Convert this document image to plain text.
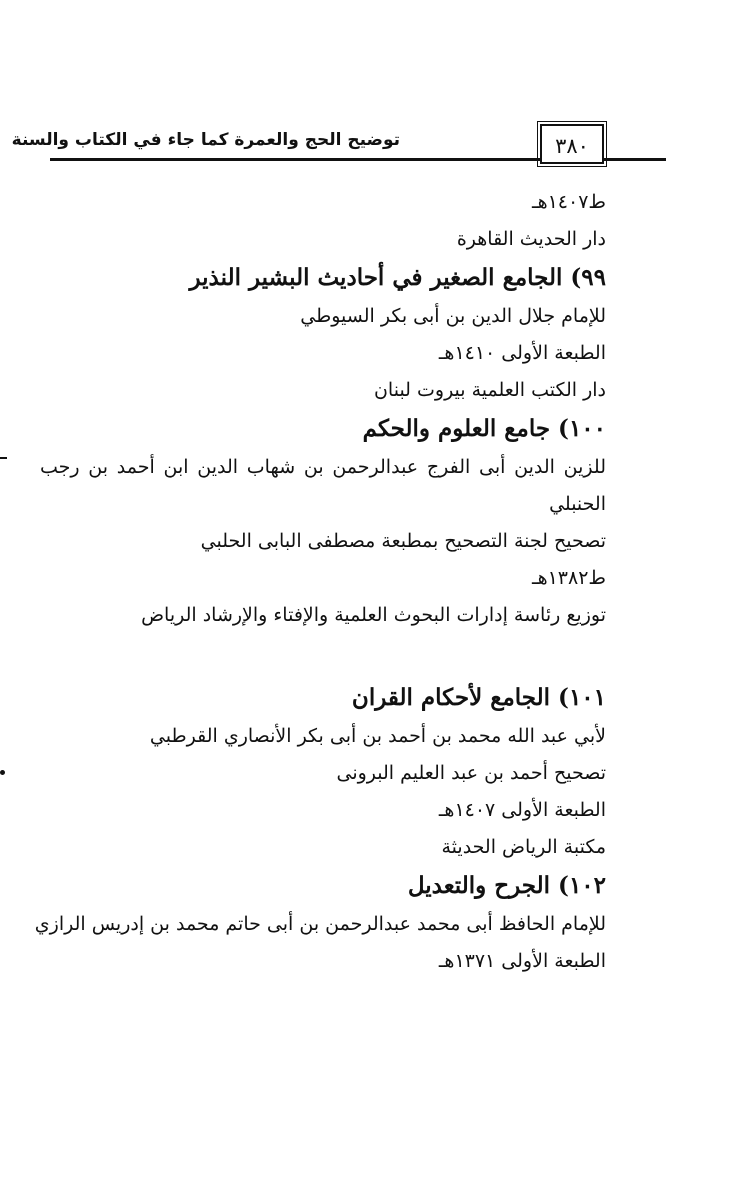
توضيح الحج والعمرة كما جاء في الكتاب والسنة	٣٨٠
ط١٤٠٧هـ
دار الحديث القاهرة
٩٩) الجامع الصغير في أحاديث البشير النذير
للإمام جلال الدين بن أبى بكر السيوطي
الطبعة الأولى ١٤١٠هـ
دار الكتب العلمية بيروت لبنان
١٠٠) جامع العلوم والحكم
للزين الدين أبى الفرج عبدالرحمن بن شهاب الدين ابن أحمد بن رجب
الحنبلي
تصحيح لجنة التصحيح بمطبعة مصطفى البابى الحلبي
ط١٣٨٢هـ
توزيع رئاسة إدارات البحوث العلمية والإفتاء والإرشاد الرياض
١٠١) الجامع لأحكام القران
لأبي عبد الله محمد بن أحمد بن أبى بكر الأنصاري القرطبي
تصحيح أحمد بن عبد العليم البرونى
الطبعة الأولى ١٤٠٧هـ
مكتبة الرياض الحديثة
١٠٢) الجرح والتعديل
للإمام الحافظ أبى محمد عبدالرحمن بن أبى حاتم محمد بن إدريس الرازي
الطبعة الأولى ١٣٧١هـ
